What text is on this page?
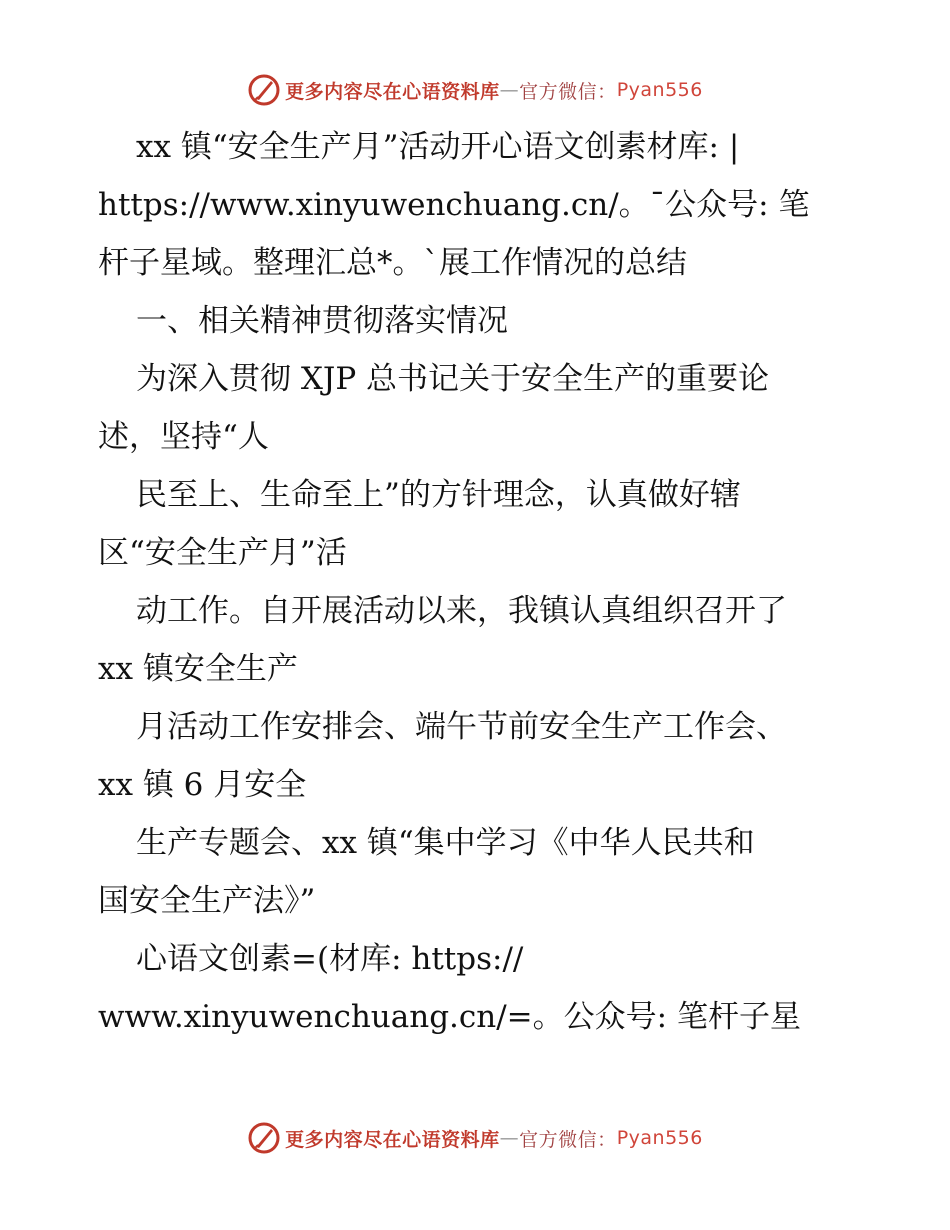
更多内容尽在心语资料库 — 官方微信： Pyan556
xx 镇“安全生产月”活动开心语文创素材库: |
https://www.xinyuwenchuang.cn/。¯公众号: 笔
杆子星域。整理汇总*。`展工作情况的总结
一、相关精神贯彻落实情况
为深入贯彻 XJP 总书记关于安全生产的重要论
述，坚持“人
民至上、生命至上”的方针理念，认真做好辖
区“安全生产月”活
动工作。自开展活动以来，我镇认真组织召开了
xx 镇安全生产
月活动工作安排会、端午节前安全生产工作会、
xx 镇 6 月安全
生产专题会、xx 镇“集中学习《中华人民共和
国安全生产法》”
心语文创素=(材库: https://
www.xinyuwenchuang.cn/=。公众号: 笔杆子星
更多内容尽在心语资料库 — 官方微信： Pyan556
